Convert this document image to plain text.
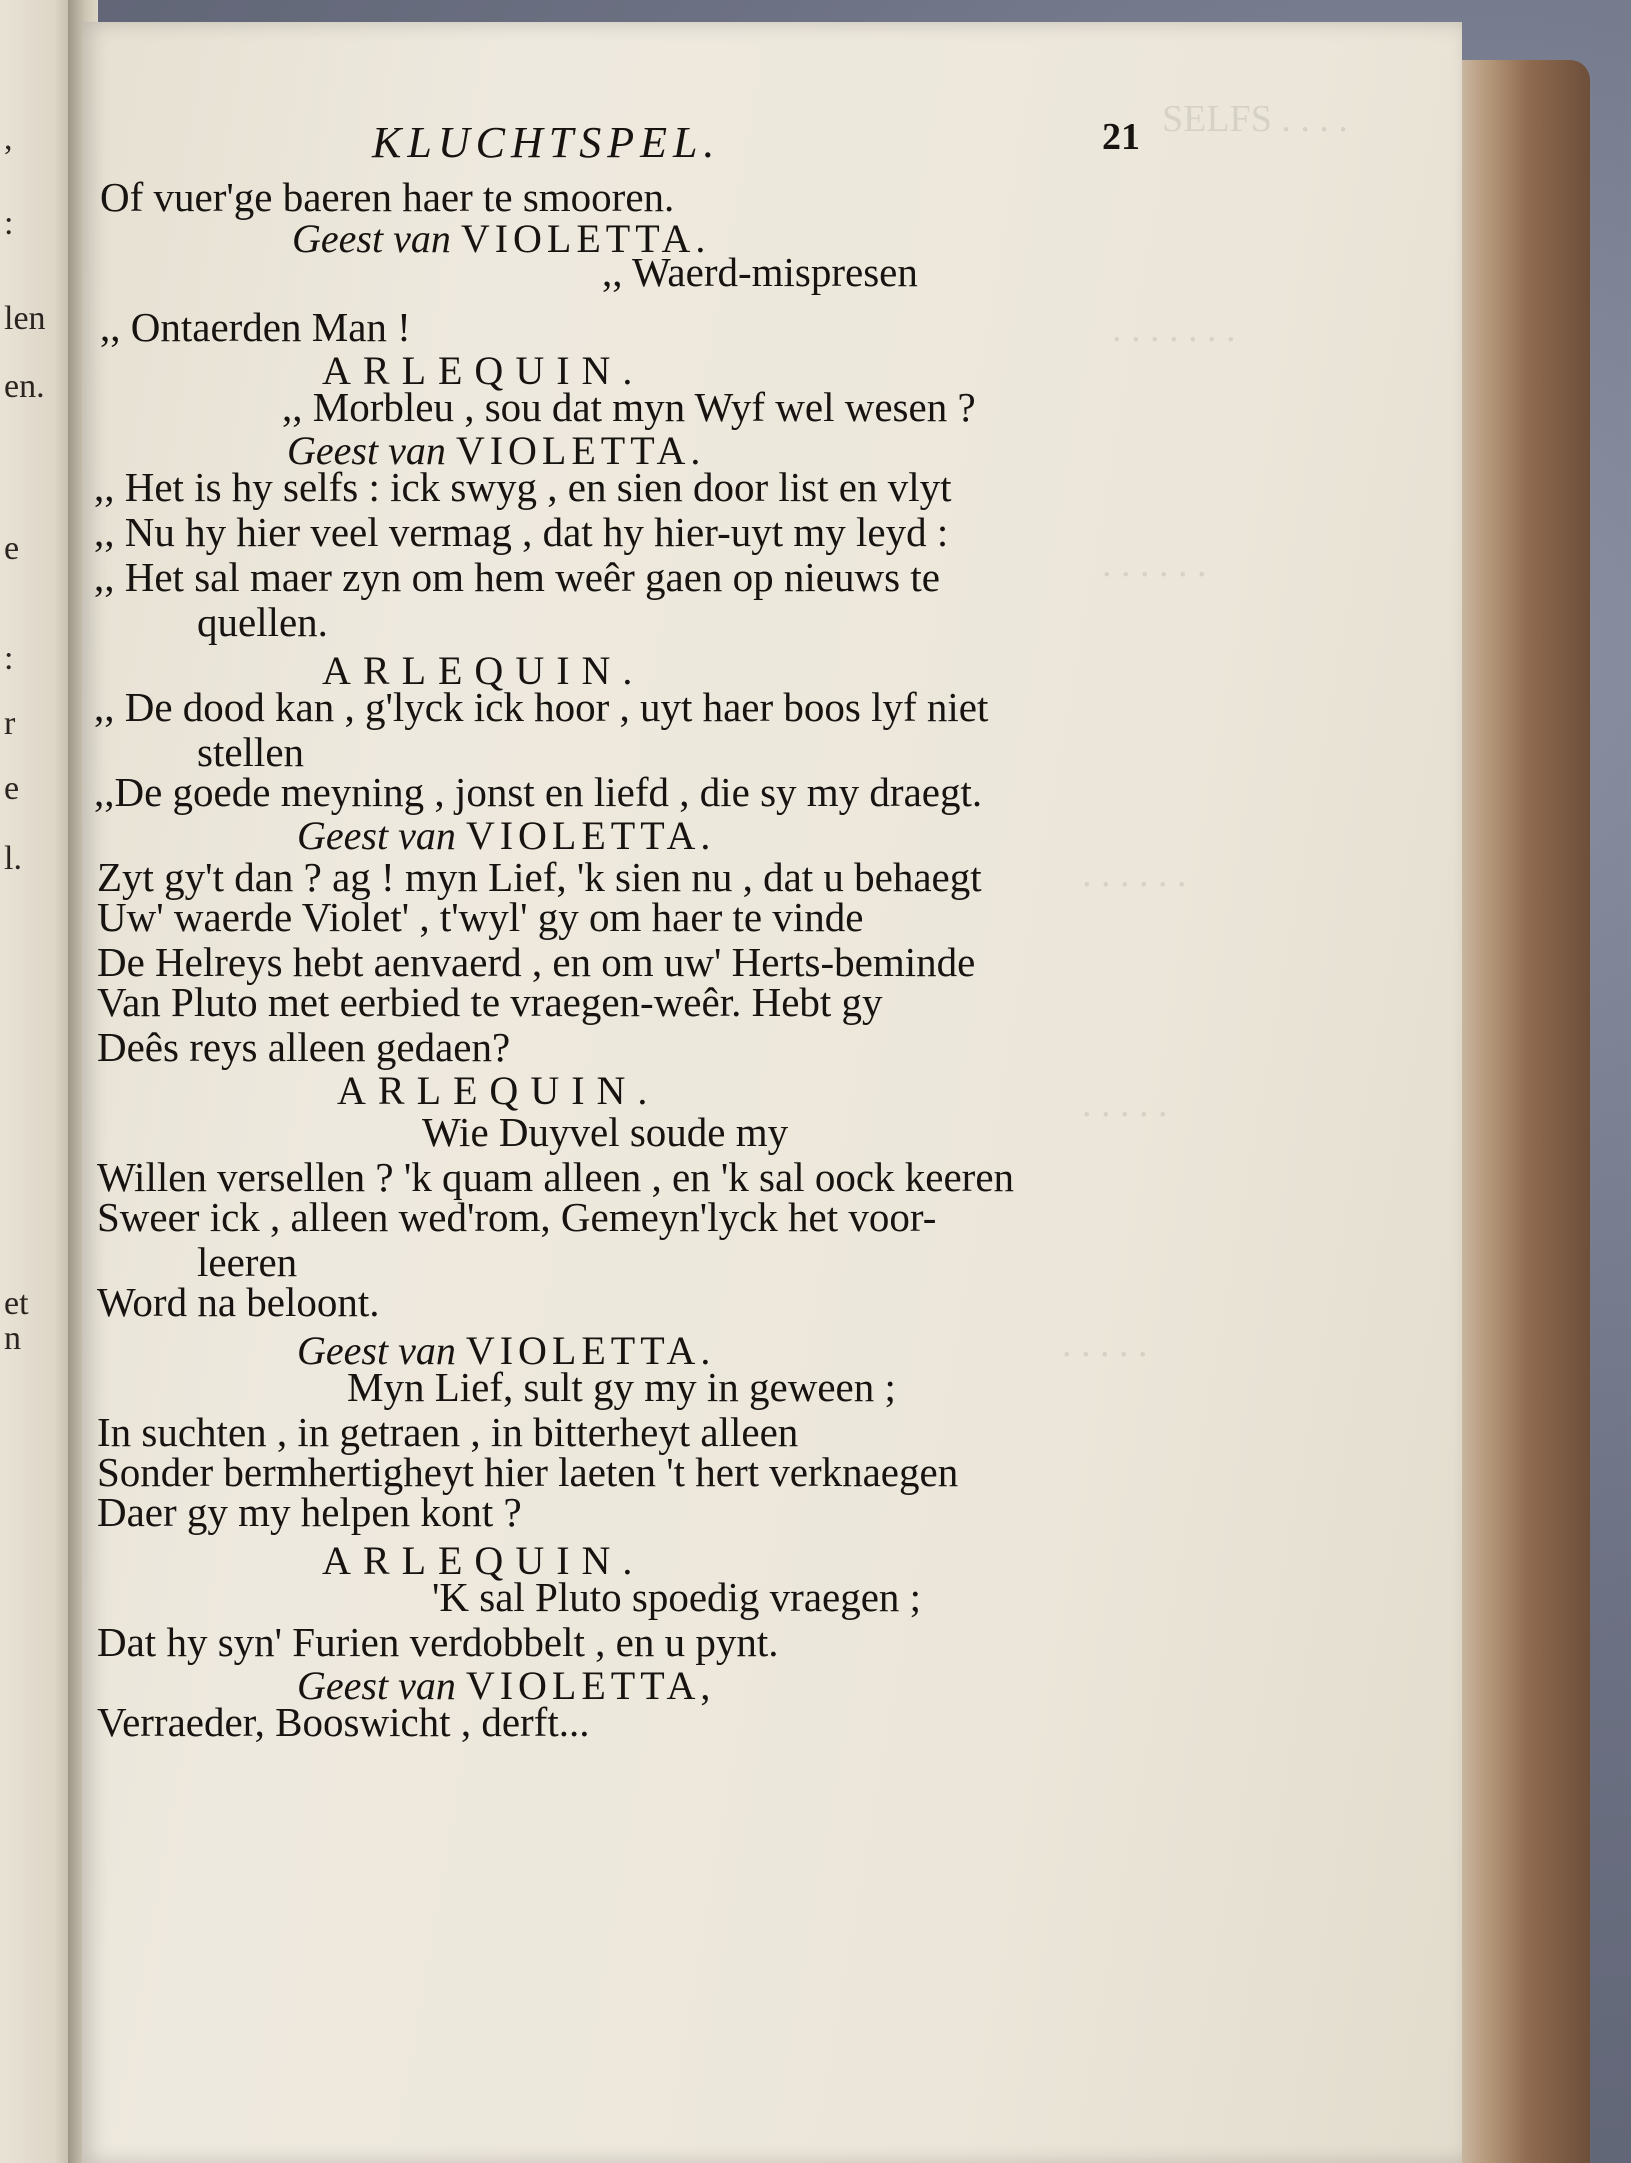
,
:
len
en.
e
:
r
e
l.
et
n
SELFS . . . .
. . . . . . .
. . . . . .
. . . . . .
. . . . .
. . . . .
KLUCHTSPEL.	21
Of vuer'ge baeren haer te smooren.
Geest van VIOLETTA.
,, Waerd-mispresen
,, Ontaerden Man !
ARLEQUIN.
,, Morbleu , sou dat myn Wyf wel wesen ?
Geest van VIOLETTA.
,, Het is hy selfs : ick swyg , en sien door list en vlyt
,, Nu hy hier veel vermag , dat hy hier-uyt my leyd :
,, Het sal maer zyn om hem weêr gaen op nieuws te
quellen.
ARLEQUIN.
,, De dood kan , g'lyck ick hoor , uyt haer boos lyf niet
stellen
,,De goede meyning , jonst en liefd , die sy my draegt.
Geest van VIOLETTA.
Zyt gy't dan ? ag ! myn Lief, 'k sien nu , dat u behaegt
Uw' waerde Violet' , t'wyl' gy om haer te vinde
De Helreys hebt aenvaerd , en om uw' Herts-beminde
Van Pluto met eerbied te vraegen-weêr. Hebt gy
Deês reys alleen gedaen?
ARLEQUIN.
Wie Duyvel soude my
Willen versellen ? 'k quam alleen , en 'k sal oock keeren
Sweer ick , alleen wed'rom, Gemeyn'lyck het voor-
leeren
Word na beloont.
Geest van VIOLETTA.
Myn Lief, sult gy my in geween ;
In suchten , in getraen , in bitterheyt alleen
Sonder bermhertigheyt hier laeten 't hert verknaegen
Daer gy my helpen kont ?
ARLEQUIN.
'K sal Pluto spoedig vraegen ;
Dat hy syn' Furien verdobbelt , en u pynt.
Geest van VIOLETTA,
Verraeder, Booswicht , derft...
